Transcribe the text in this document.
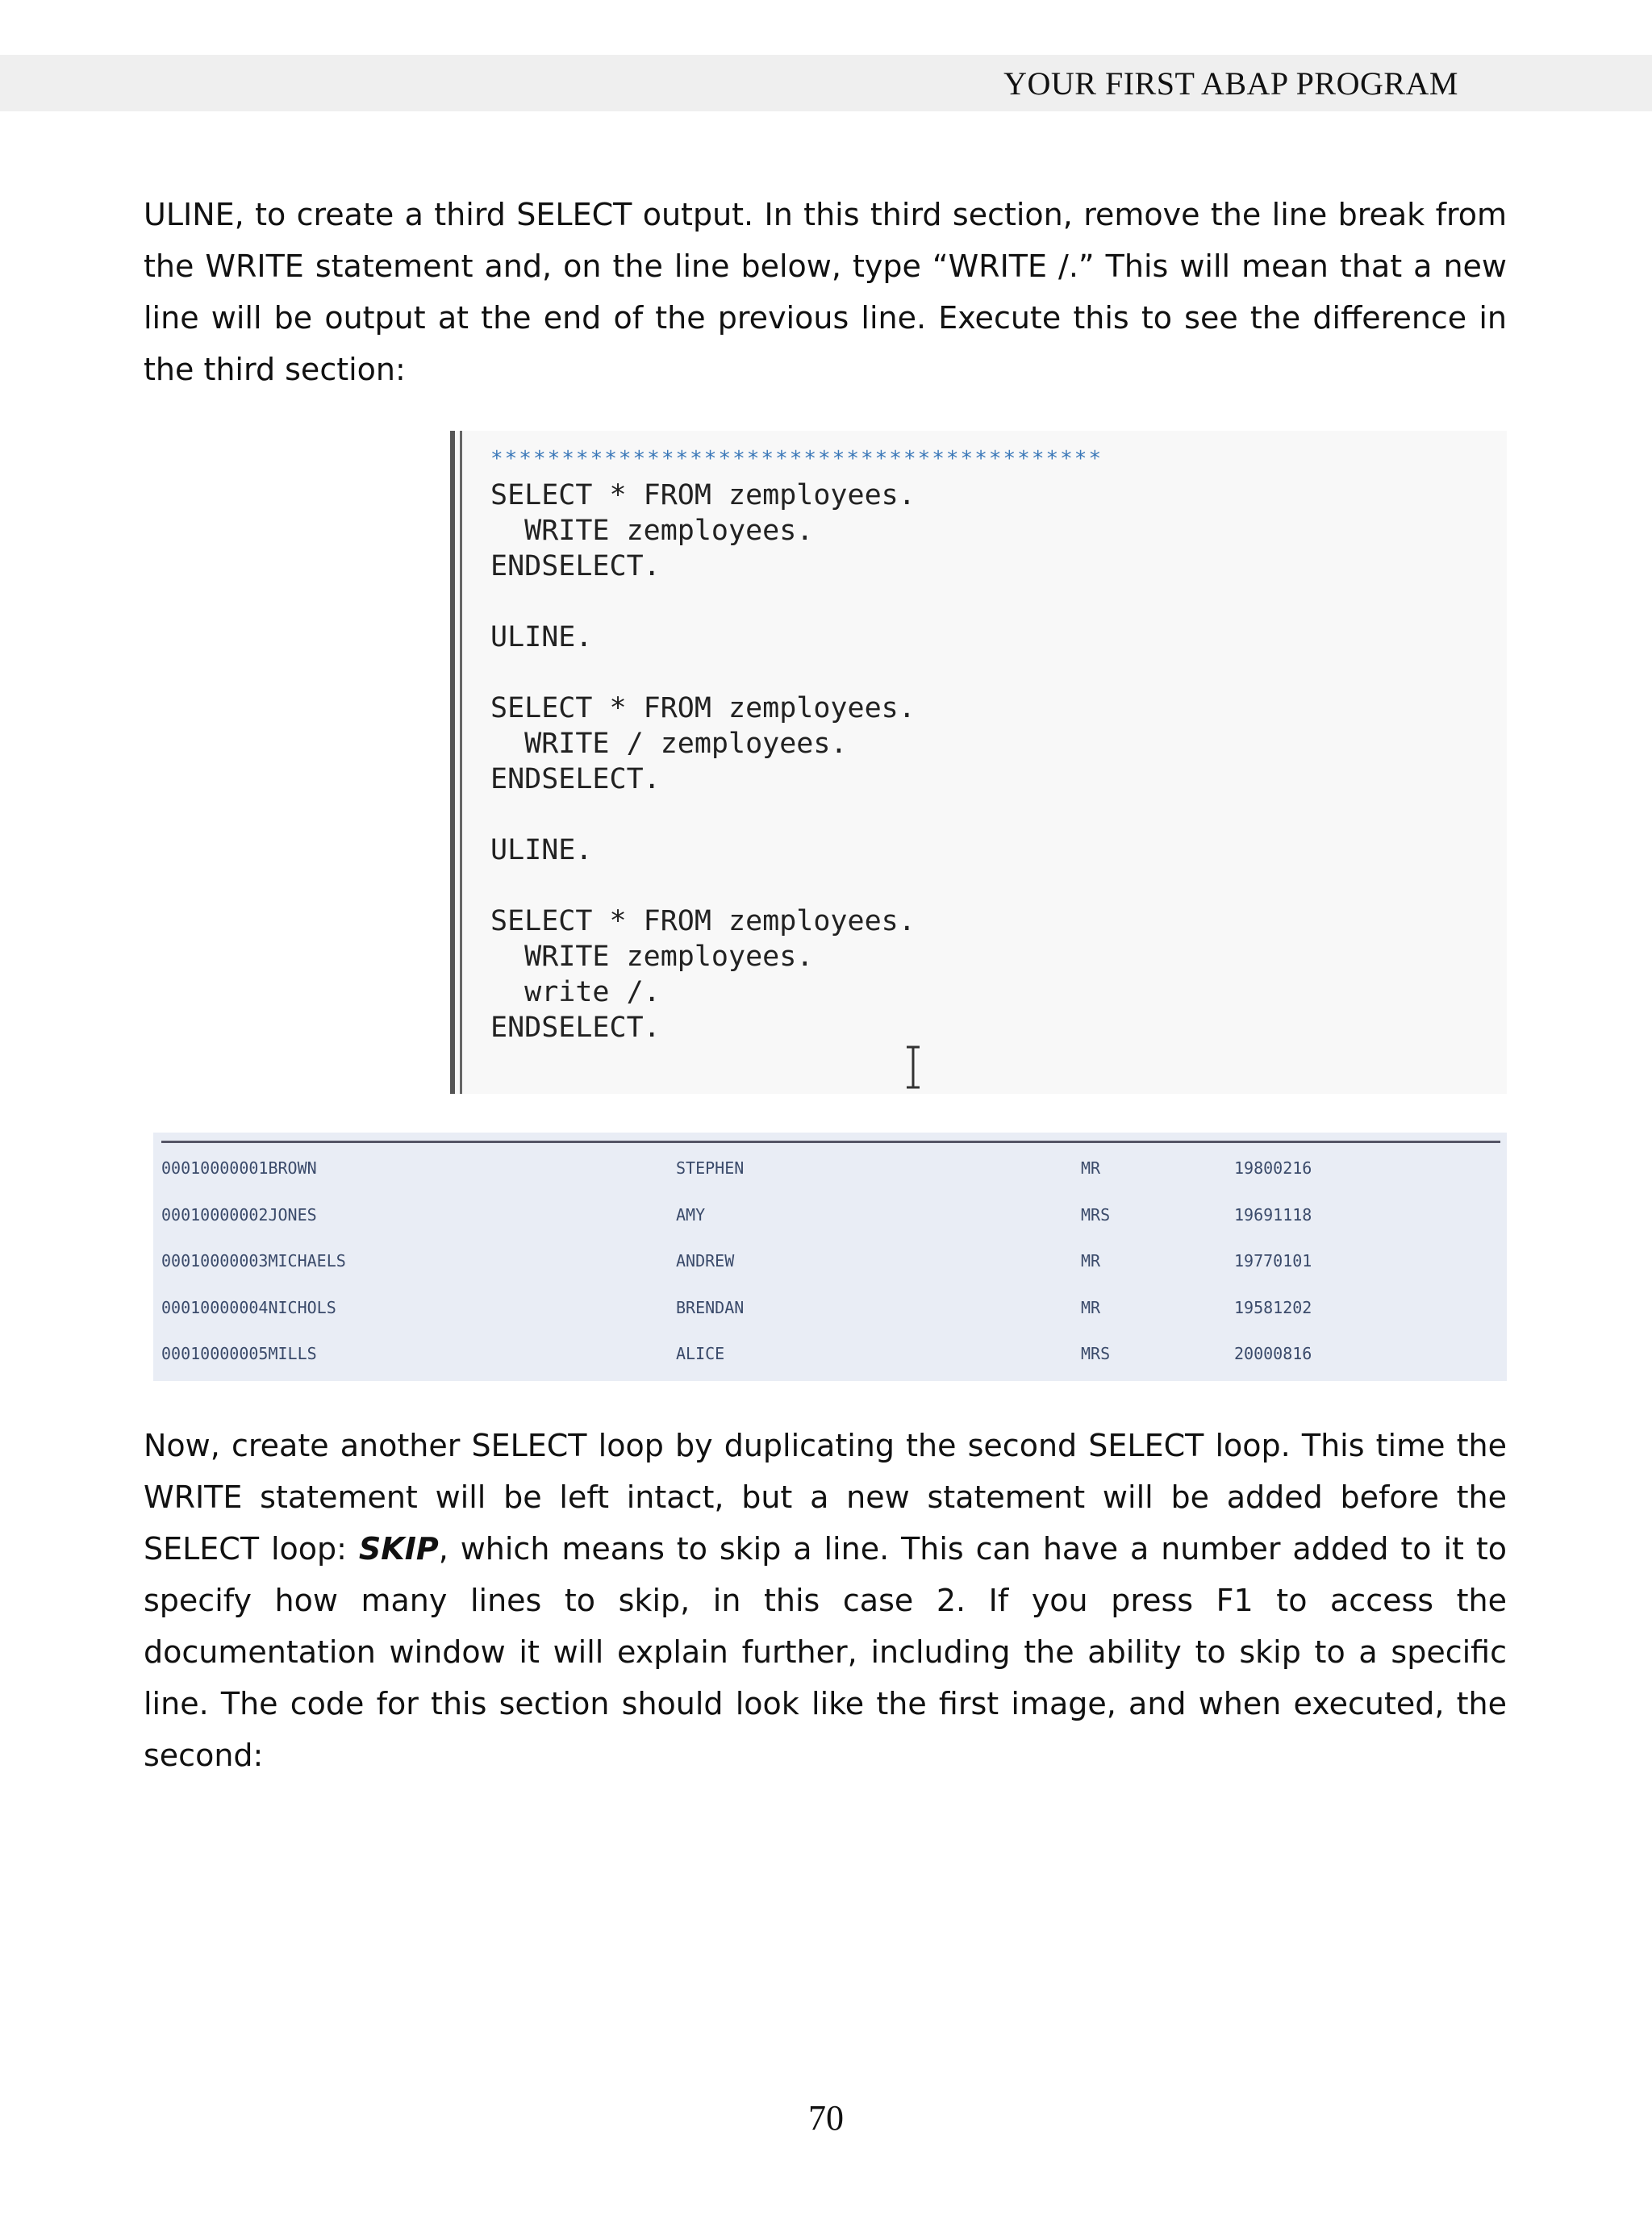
YOUR FIRST ABAP PROGRAM

ULINE, to create a third SELECT output. In this third section, remove the line break from the WRITE statement and, on the line below, type “WRITE /.” This will mean that a new line will be output at the end of the previous line. Execute this to see the difference in the third section:

*******************************************
SELECT * FROM zemployees.
WRITE zemployees.
ENDSELECT.
ULINE.
SELECT * FROM zemployees.
WRITE / zemployees.
ENDSELECT.
ULINE.
SELECT * FROM zemployees.
WRITE zemployees.
write /.
ENDSELECT.
00010000001BROWN	STEPHEN	MR	19800216
00010000002JONES	AMY	MRS	19691118
00010000003MICHAELS	ANDREW	MR	19770101
00010000004NICHOLS	BRENDAN	MR	19581202
00010000005MILLS	ALICE	MRS	20000816

Now, create another SELECT loop by duplicating the second SELECT loop. This time the WRITE statement will be left intact, but a new statement will be added before the SELECT loop: SKIP, which means to skip a line. This can have a number added to it to specify how many lines to skip, in this case 2. If you press F1 to access the documentation window it will explain further, including the ability to skip to a specific line. The code for this section should look like the first image, and when executed, the second:

70
